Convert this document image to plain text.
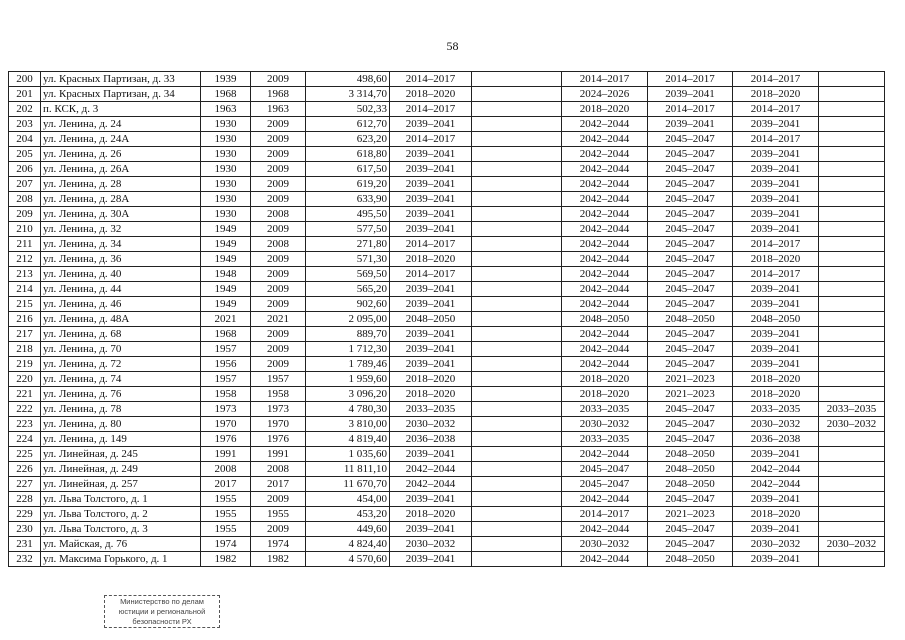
58
200	ул. Красных Партизан, д. 33	1939	2009	498,60	2014–2017		2014–2017	2014–2017	2014–2017	
201	ул. Красных Партизан, д. 34	1968	1968	3 314,70	2018–2020		2024–2026	2039–2041	2018–2020	
202	п. КСК, д. 3	1963	1963	502,33	2014–2017		2018–2020	2014–2017	2014–2017	
203	ул. Ленина, д. 24	1930	2009	612,70	2039–2041		2042–2044	2039–2041	2039–2041	
204	ул. Ленина, д. 24А	1930	2009	623,20	2014–2017		2042–2044	2045–2047	2014–2017	
205	ул. Ленина, д. 26	1930	2009	618,80	2039–2041		2042–2044	2045–2047	2039–2041	
206	ул. Ленина, д. 26А	1930	2009	617,50	2039–2041		2042–2044	2045–2047	2039–2041	
207	ул. Ленина, д. 28	1930	2009	619,20	2039–2041		2042–2044	2045–2047	2039–2041	
208	ул. Ленина, д. 28А	1930	2009	633,90	2039–2041		2042–2044	2045–2047	2039–2041	
209	ул. Ленина, д. 30А	1930	2008	495,50	2039–2041		2042–2044	2045–2047	2039–2041	
210	ул. Ленина, д. 32	1949	2009	577,50	2039–2041		2042–2044	2045–2047	2039–2041	
211	ул. Ленина, д. 34	1949	2008	271,80	2014–2017		2042–2044	2045–2047	2014–2017	
212	ул. Ленина, д. 36	1949	2009	571,30	2018–2020		2042–2044	2045–2047	2018–2020	
213	ул. Ленина, д. 40	1948	2009	569,50	2014–2017		2042–2044	2045–2047	2014–2017	
214	ул. Ленина, д. 44	1949	2009	565,20	2039–2041		2042–2044	2045–2047	2039–2041	
215	ул. Ленина, д. 46	1949	2009	902,60	2039–2041		2042–2044	2045–2047	2039–2041	
216	ул. Ленина, д. 48А	2021	2021	2 095,00	2048–2050		2048–2050	2048–2050	2048–2050	
217	ул. Ленина, д. 68	1968	2009	889,70	2039–2041		2042–2044	2045–2047	2039–2041	
218	ул. Ленина, д. 70	1957	2009	1 712,30	2039–2041		2042–2044	2045–2047	2039–2041	
219	ул. Ленина, д. 72	1956	2009	1 789,46	2039–2041		2042–2044	2045–2047	2039–2041	
220	ул. Ленина, д. 74	1957	1957	1 959,60	2018–2020		2018–2020	2021–2023	2018–2020	
221	ул. Ленина, д. 76	1958	1958	3 096,20	2018–2020		2018–2020	2021–2023	2018–2020	
222	ул. Ленина, д. 78	1973	1973	4 780,30	2033–2035		2033–2035	2045–2047	2033–2035	2033–2035
223	ул. Ленина, д. 80	1970	1970	3 810,00	2030–2032		2030–2032	2045–2047	2030–2032	2030–2032
224	ул. Ленина, д. 149	1976	1976	4 819,40	2036–2038		2033–2035	2045–2047	2036–2038	
225	ул. Линейная, д. 245	1991	1991	1 035,60	2039–2041		2042–2044	2048–2050	2039–2041	
226	ул. Линейная, д. 249	2008	2008	11 811,10	2042–2044		2045–2047	2048–2050	2042–2044	
227	ул. Линейная, д. 257	2017	2017	11 670,70	2042–2044		2045–2047	2048–2050	2042–2044	
228	ул. Льва Толстого, д. 1	1955	2009	454,00	2039–2041		2042–2044	2045–2047	2039–2041	
229	ул. Льва Толстого, д. 2	1955	1955	453,20	2018–2020		2014–2017	2021–2023	2018–2020	
230	ул. Льва Толстого, д. 3	1955	2009	449,60	2039–2041		2042–2044	2045–2047	2039–2041	
231	ул. Майская, д. 76	1974	1974	4 824,40	2030–2032		2030–2032	2045–2047	2030–2032	2030–2032
232	ул. Максима Горького, д. 1	1982	1982	4 570,60	2039–2041		2042–2044	2048–2050	2039–2041	
Министерство по делам
юстиции и региональной
безопасности РХ
